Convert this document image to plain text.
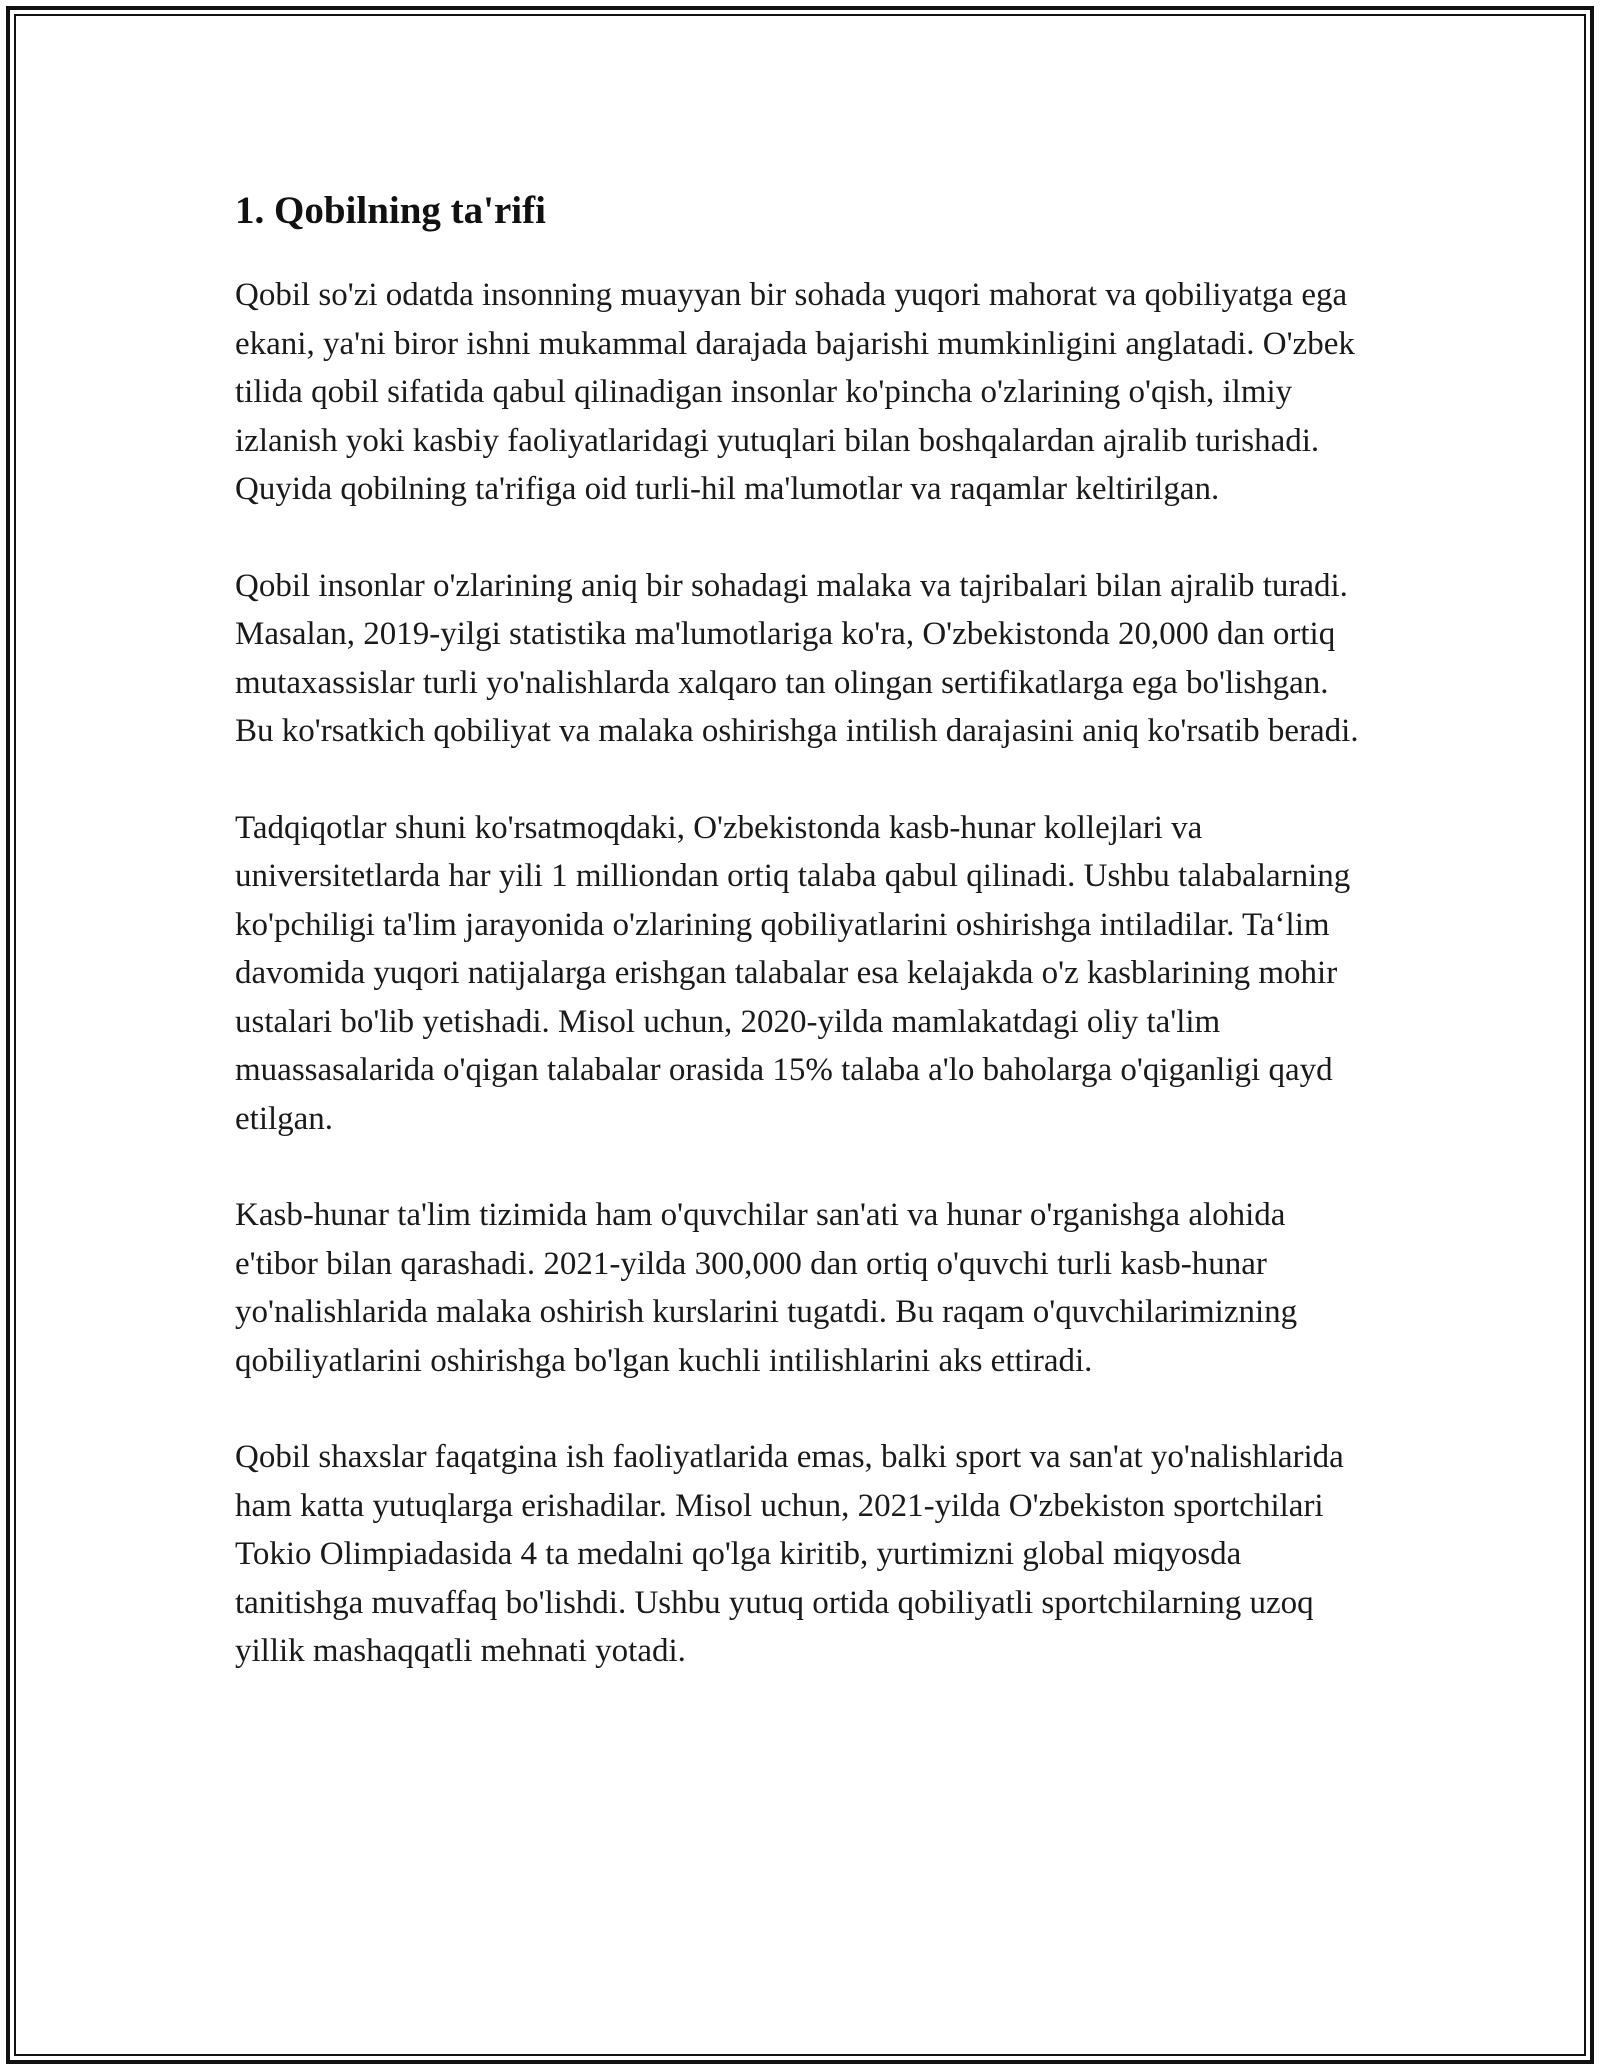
1. Qobilning ta'rifi

Qobil so'zi odatda insonning muayyan bir sohada yuqori mahorat va qobiliyatga ega ekani, ya'ni biror ishni mukammal darajada bajarishi mumkinligini anglatadi. O'zbek tilida qobil sifatida qabul qilinadigan insonlar ko'pincha o'zlarining o'qish, ilmiy izlanish yoki kasbiy faoliyatlaridagi yutuqlari bilan boshqalardan ajralib turishadi. Quyida qobilning ta'rifiga oid turli-hil ma'lumotlar va raqamlar keltirilgan.

Qobil insonlar o'zlarining aniq bir sohadagi malaka va tajribalari bilan ajralib turadi. Masalan, 2019-yilgi statistika ma'lumotlariga ko'ra, O'zbekistonda 20,000 dan ortiq mutaxassislar turli yo'nalishlarda xalqaro tan olingan sertifikatlarga ega bo'lishgan. Bu ko'rsatkich qobiliyat va malaka oshirishga intilish darajasini aniq ko'rsatib beradi.

Tadqiqotlar shuni ko'rsatmoqdaki, O'zbekistonda kasb-hunar kollejlari va universitetlarda har yili 1 milliondan ortiq talaba qabul qilinadi. Ushbu talabalarning ko'pchiligi ta'lim jarayonida o'zlarining qobiliyatlarini oshirishga intiladilar. Ta‘lim davomida yuqori natijalarga erishgan talabalar esa kelajakda o'z kasblarining mohir ustalari bo'lib yetishadi. Misol uchun, 2020-yilda mamlakatdagi oliy ta'lim muassasalarida o'qigan talabalar orasida 15% talaba a'lo baholarga o'qiganligi qayd etilgan.

Kasb-hunar ta'lim tizimida ham o'quvchilar san'ati va hunar o'rganishga alohida e'tibor bilan qarashadi. 2021-yilda 300,000 dan ortiq o'quvchi turli kasb-hunar yo'nalishlarida malaka oshirish kurslarini tugatdi. Bu raqam o'quvchilarimizning qobiliyatlarini oshirishga bo'lgan kuchli intilishlarini aks ettiradi.

Qobil shaxslar faqatgina ish faoliyatlarida emas, balki sport va san'at yo'nalishlarida ham katta yutuqlarga erishadilar. Misol uchun, 2021-yilda O'zbekiston sportchilari Tokio Olimpiadasida 4 ta medalni qo'lga kiritib, yurtimizni global miqyosda tanitishga muvaffaq bo'lishdi. Ushbu yutuq ortida qobiliyatli sportchilarning uzoq yillik mashaqqatli mehnati yotadi.
